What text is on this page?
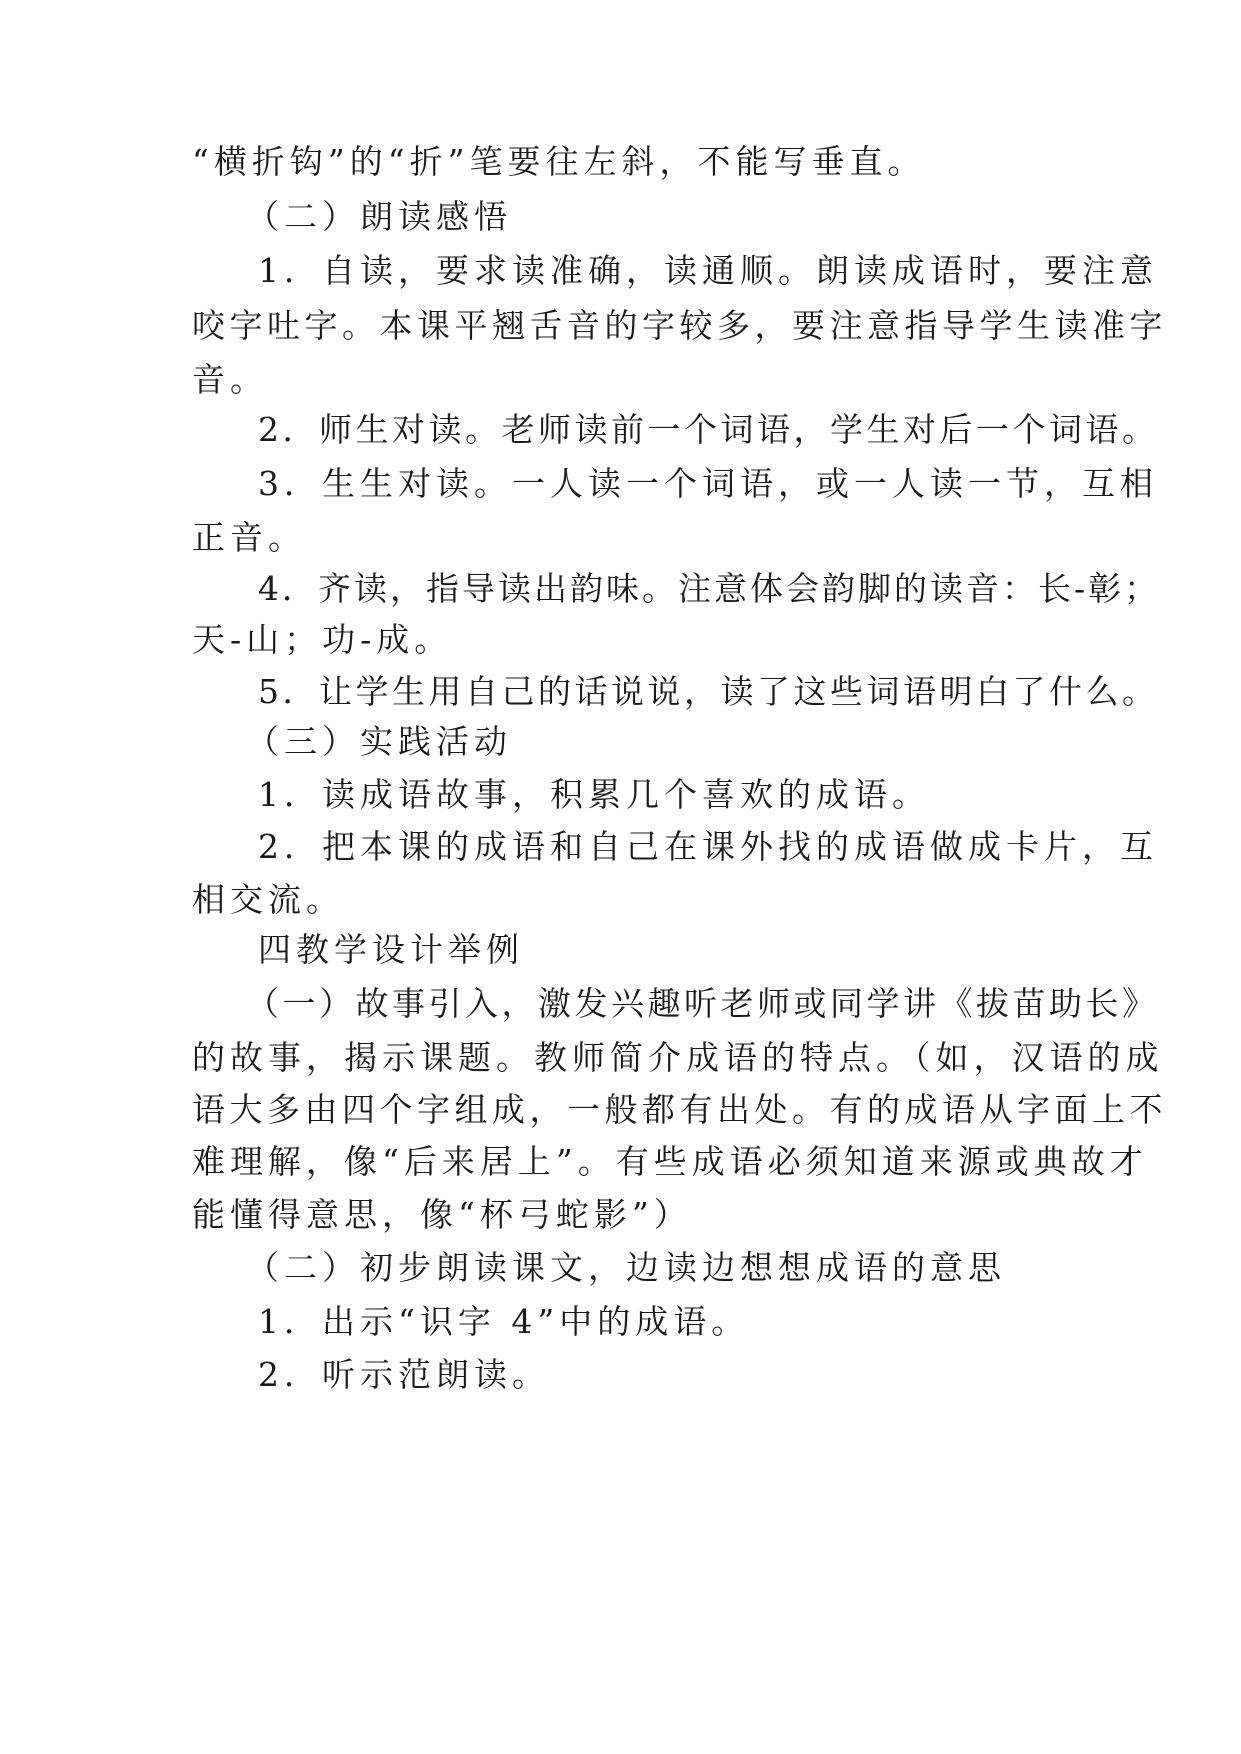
“横折钩”的“折”笔要往左斜，不能写垂直。

（二）朗读感悟

1．自读，要求读准确，读通顺。朗读成语时，要注意

咬字吐字。本课平翘舌音的字较多，要注意指导学生读准字

音。

2．师生对读。老师读前一个词语，学生对后一个词语。

3．生生对读。一人读一个词语，或一人读一节，互相

正音。

4．齐读，指导读出韵味。注意体会韵脚的读音：长-彰；

天-山；功-成。

5．让学生用自己的话说说，读了这些词语明白了什么。

（三）实践活动

1．读成语故事，积累几个喜欢的成语。

2．把本课的成语和自己在课外找的成语做成卡片，互

相交流。

四教学设计举例

（一）故事引入，激发兴趣听老师或同学讲《拔苗助长》

的故事，揭示课题。教师简介成语的特点。（如，汉语的成

语大多由四个字组成，一般都有出处。有的成语从字面上不

难理解，像“后来居上”。有些成语必须知道来源或典故才

能懂得意思，像“杯弓蛇影”）

（二）初步朗读课文，边读边想想成语的意思

1．出示“识字 4”中的成语。

2．听示范朗读。
